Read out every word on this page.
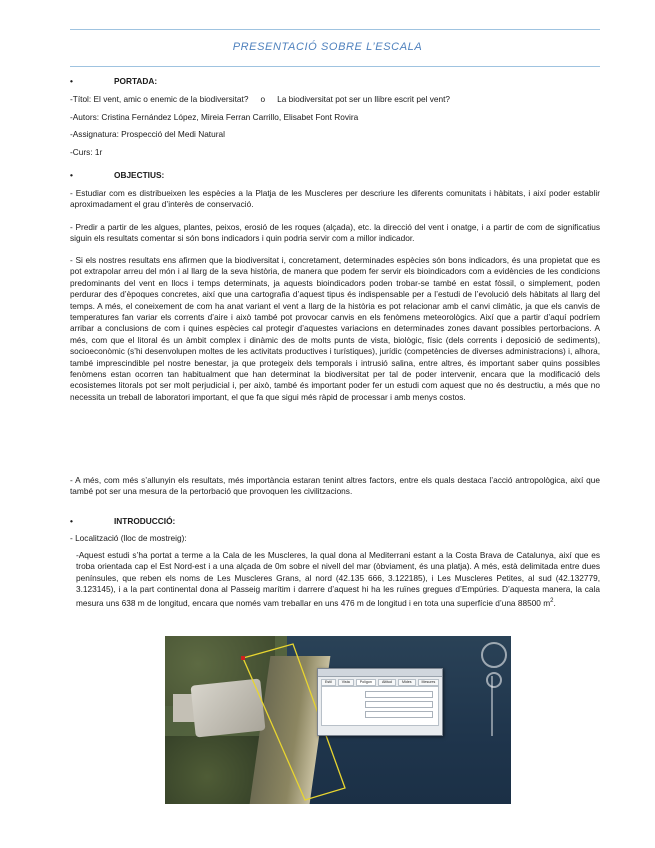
PRESENTACIÓ SOBRE L’ESCALA
•	PORTADA:
-Títol: El vent, amic o enemic de la biodiversitat? o La biodiversitat pot ser un llibre escrit pel vent?
-Autors: Cristina Fernández López, Mireia Ferran Carrillo, Elisabet Font Rovira
-Assignatura: Prospecció del Medi Natural
-Curs: 1r
•	OBJECTIUS:
- Estudiar com es distribueixen les espècies a la Platja de les Muscleres per descriure les diferents comunitats i hàbitats, i així poder establir aproximadament el grau d’interès de conservació.
- Predir a partir de les algues, plantes, peixos, erosió de les roques (alçada), etc. la direcció del vent i onatge, i a partir de com de significatius siguin els resultats comentar si són bons indicadors i quin podria servir com a millor indicador.
- Si els nostres resultats ens afirmen que la biodiversitat i, concretament, determinades espècies són bons indicadors, és una propietat que es pot extrapolar arreu del món i al llarg de la seva història, de manera que podem fer servir els bioindicadors com a evidències de les condicions predominants del vent en llocs i temps determinats, ja aquests bioindicadors poden trobar-se també en estat fòssil, o simplement, poden perdurar des d’èpoques concretes, així que una cartografia d’aquest tipus és indispensable per a l’estudi de l’evolució dels hàbitats al llarg del temps. A més, el coneixement de com ha anat variant el vent a llarg de la història es pot relacionar amb el canvi climàtic, ja que els canvis de temperatures fan variar els corrents d’aire i això també pot provocar canvis en els fenòmens meteorològics. Així que a partir d’aquí podríem arribar a conclusions de com i quines espècies cal protegir d’aquestes variacions en determinades zones davant possibles pertorbacions. A més, com que el litoral és un àmbit complex i dinàmic des de molts punts de vista, biològic, físic (dels corrents i deposició de sediments), socioeconòmic (s’hi desenvolupen moltes de les activitats productives i turístiques), jurídic (competències de diverses administracions) i, alhora, també imprescindible pel nostre benestar, ja que protegeix dels temporals i intrusió salina, entre altres, és important saber quins possibles fenòmens estan ocorren tan habitualment que han determinat la biodiversitat per tal de poder intervenir, encara que la modificació dels ecosistemes litorals pot ser molt perjudicial i, per això, també és important poder fer un estudi com aquest que no és destructiu, a més que no necessita un treball de laboratori important, el que fa que sigui més ràpid de processar i amb menys costos.
- A més, com més s’allunyin els resultats, més importància estaran tenint altres factors, entre els quals destaca l’acció antropològica, així que també pot ser una mesura de la pertorbació que provoquen les civilitzacions.
•	INTRODUCCIÓ:
- Localització (lloc de mostreig):
-Aquest estudi s’ha portat a terme a la Cala de les Muscleres, la qual dona al Mediterrani estant a la Costa Brava de Catalunya, així que es troba orientada cap el Est Nord-est i a una alçada de 0m sobre el nivell del mar (òbviament, és una platja). A més, està delimitada entre dues penínsules, que reben els noms de Les Muscleres Grans, al nord (42.135 666, 3.122185), i Les Muscleres Petites, al sud (42.132779, 3.123145), i a la part continental dona al Passeig marítim i darrere d’aquest hi ha les ruïnes gregues d’Empúries. D’aquesta manera, la cala mesura uns 638 m de longitud, encara que només vam treballar en uns 476 m de longitud i en tota una superfície d’una 88500 $m^2$.
Estil	Vista	Polígon	Altitud	Mides	Mesures
